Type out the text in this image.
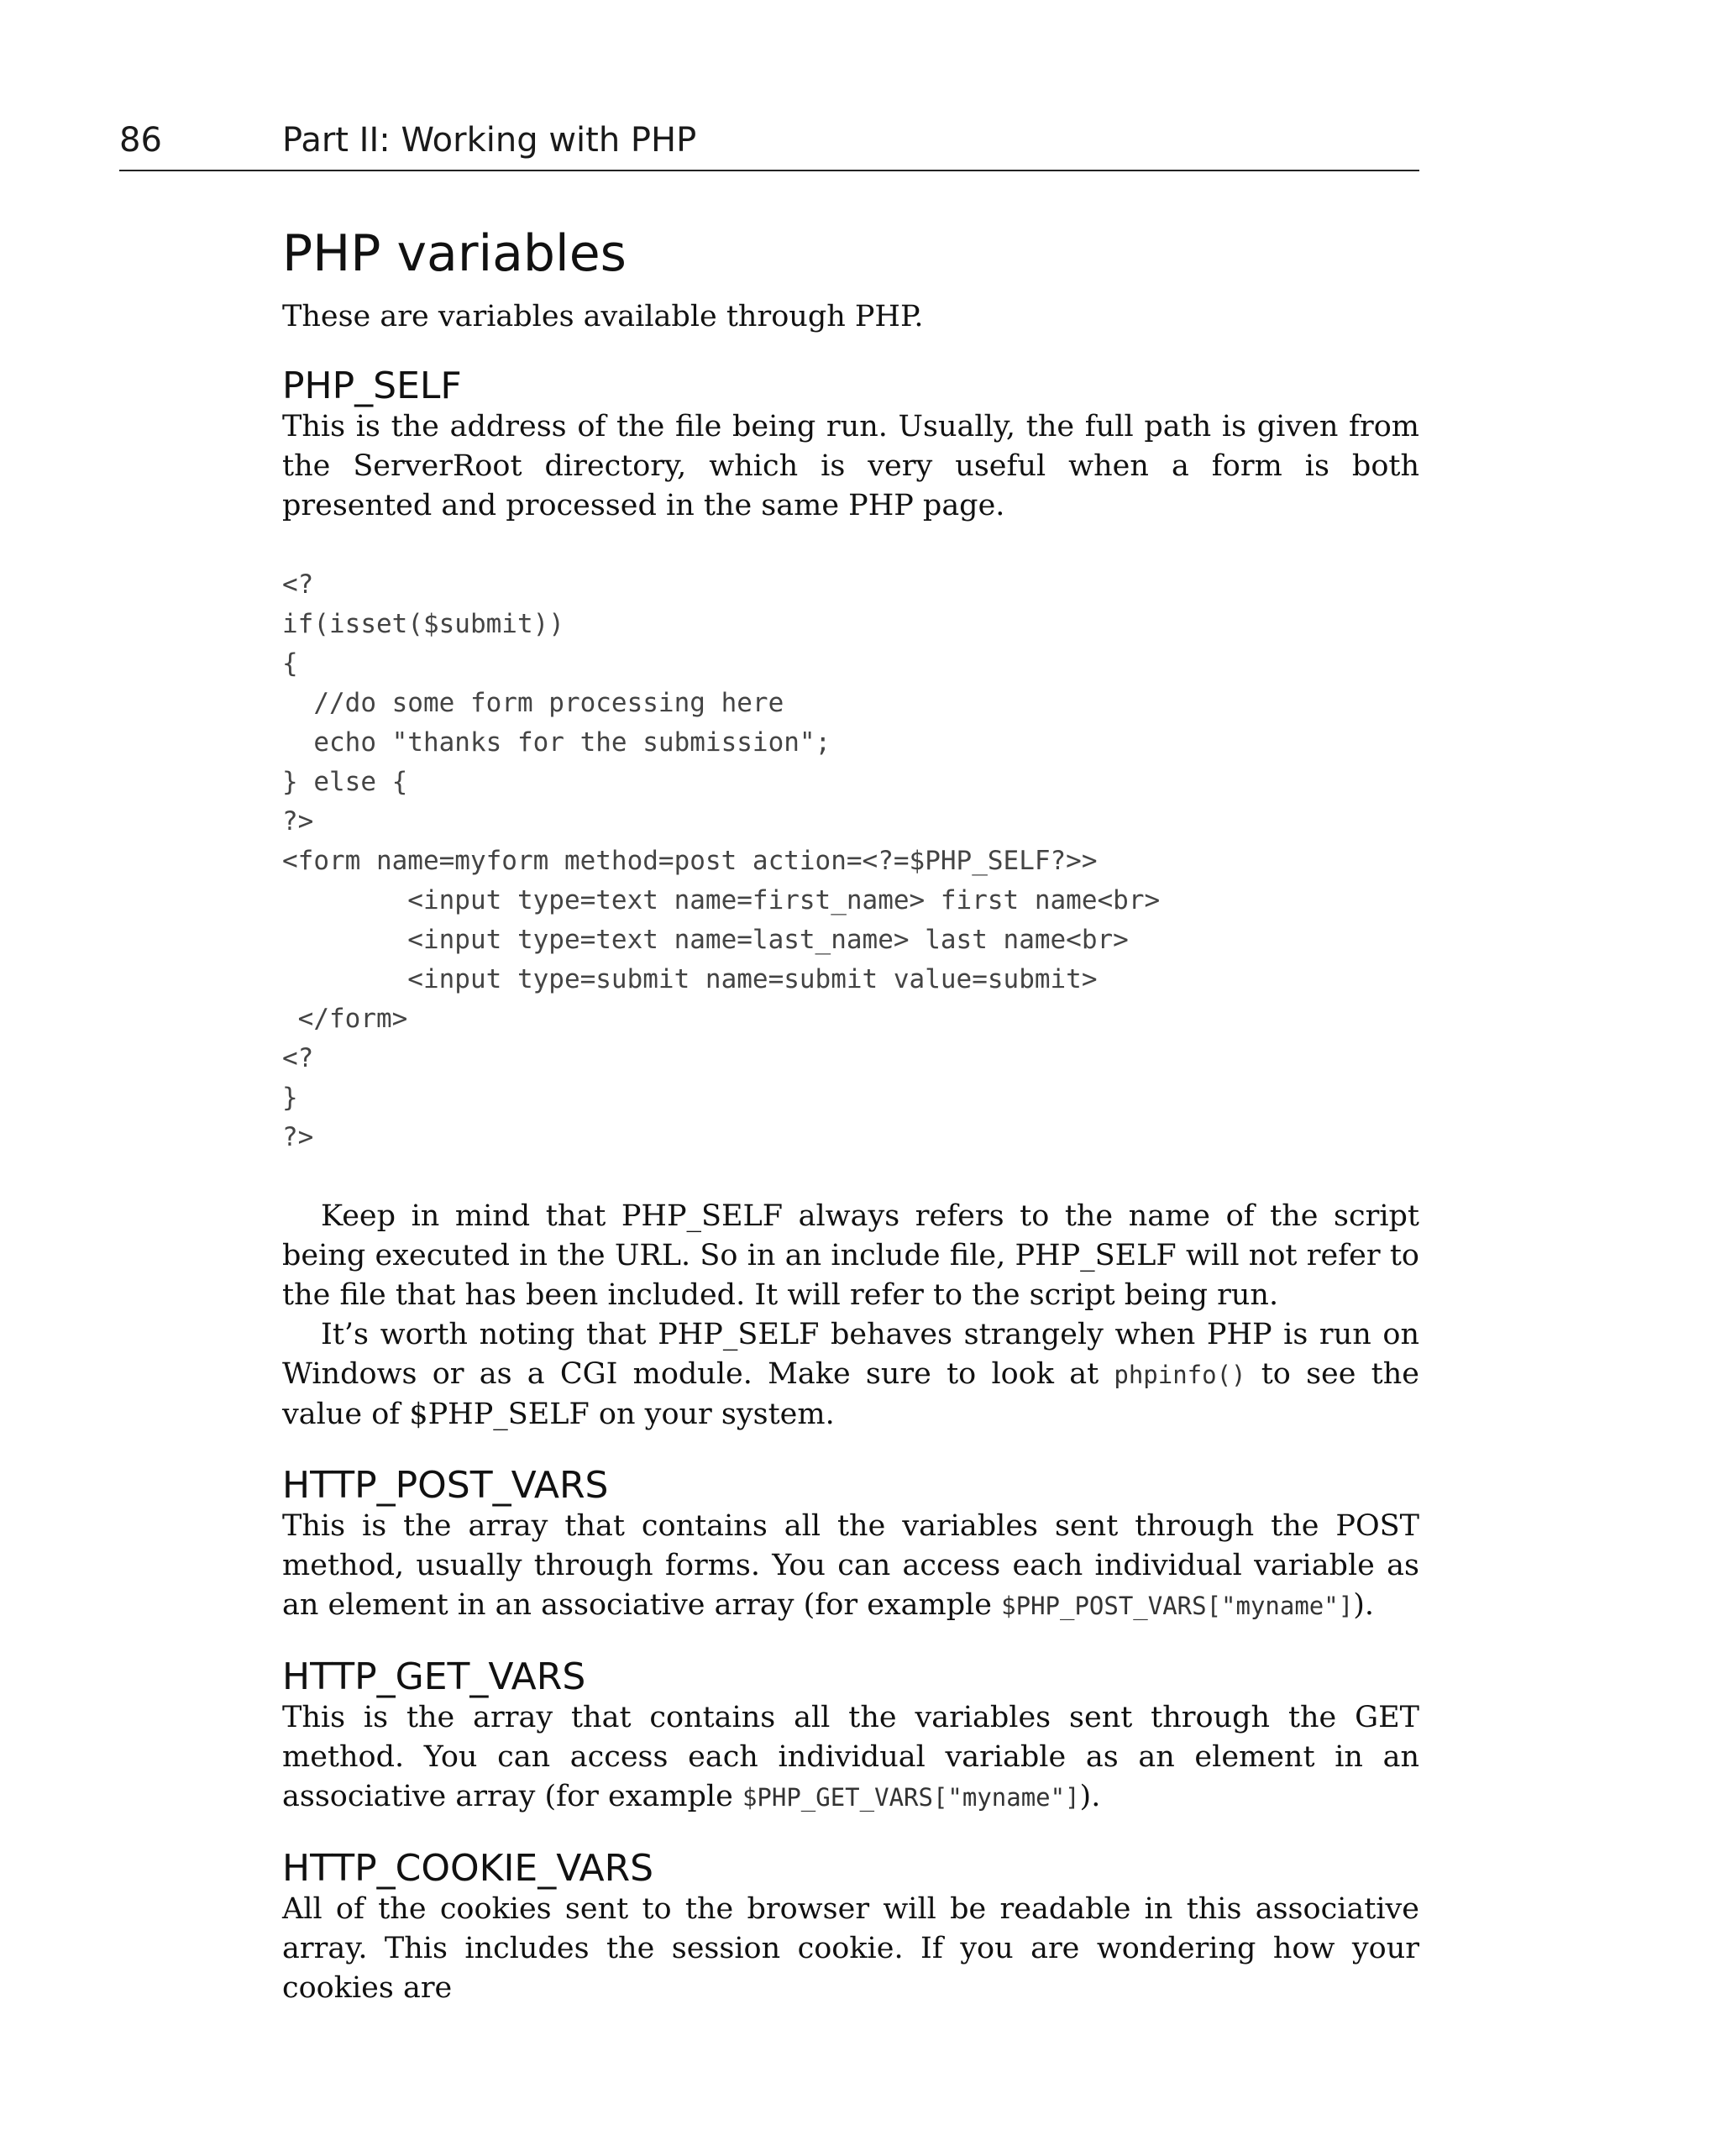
86	Part II: Working with PHP
PHP variables

These are variables available through PHP.

PHP_SELF

This is the address of the file being run. Usually, the full path is given from the ServerRoot directory, which is very useful when a form is both presented and processed in the same PHP page.

<?
if(isset($submit))
{
//do some form processing here
echo "thanks for the submission";
} else {
?>
<form name=myform method=post action=<?=$PHP_SELF?>>
<input type=text name=first_name> first name<br>
<input type=text name=last_name> last name<br>
<input type=submit name=submit value=submit>
</form>
<?
}
?>

Keep in mind that PHP_SELF always refers to the name of the script being executed in the URL. So in an include file, PHP_SELF will not refer to the file that has been included. It will refer to the script being run.

It’s worth noting that PHP_SELF behaves strangely when PHP is run on Windows or as a CGI module. Make sure to look at phpinfo() to see the value of $PHP_SELF on your system.

HTTP_POST_VARS

This is the array that contains all the variables sent through the POST method, usually through forms. You can access each individual variable as an element in an associative array (for example $PHP_POST_VARS["myname"]).

HTTP_GET_VARS

This is the array that contains all the variables sent through the GET method. You can access each individual variable as an element in an associative array (for example $PHP_GET_VARS["myname"]).

HTTP_COOKIE_VARS

All of the cookies sent to the browser will be readable in this associative array. This includes the session cookie. If you are wondering how your cookies are
